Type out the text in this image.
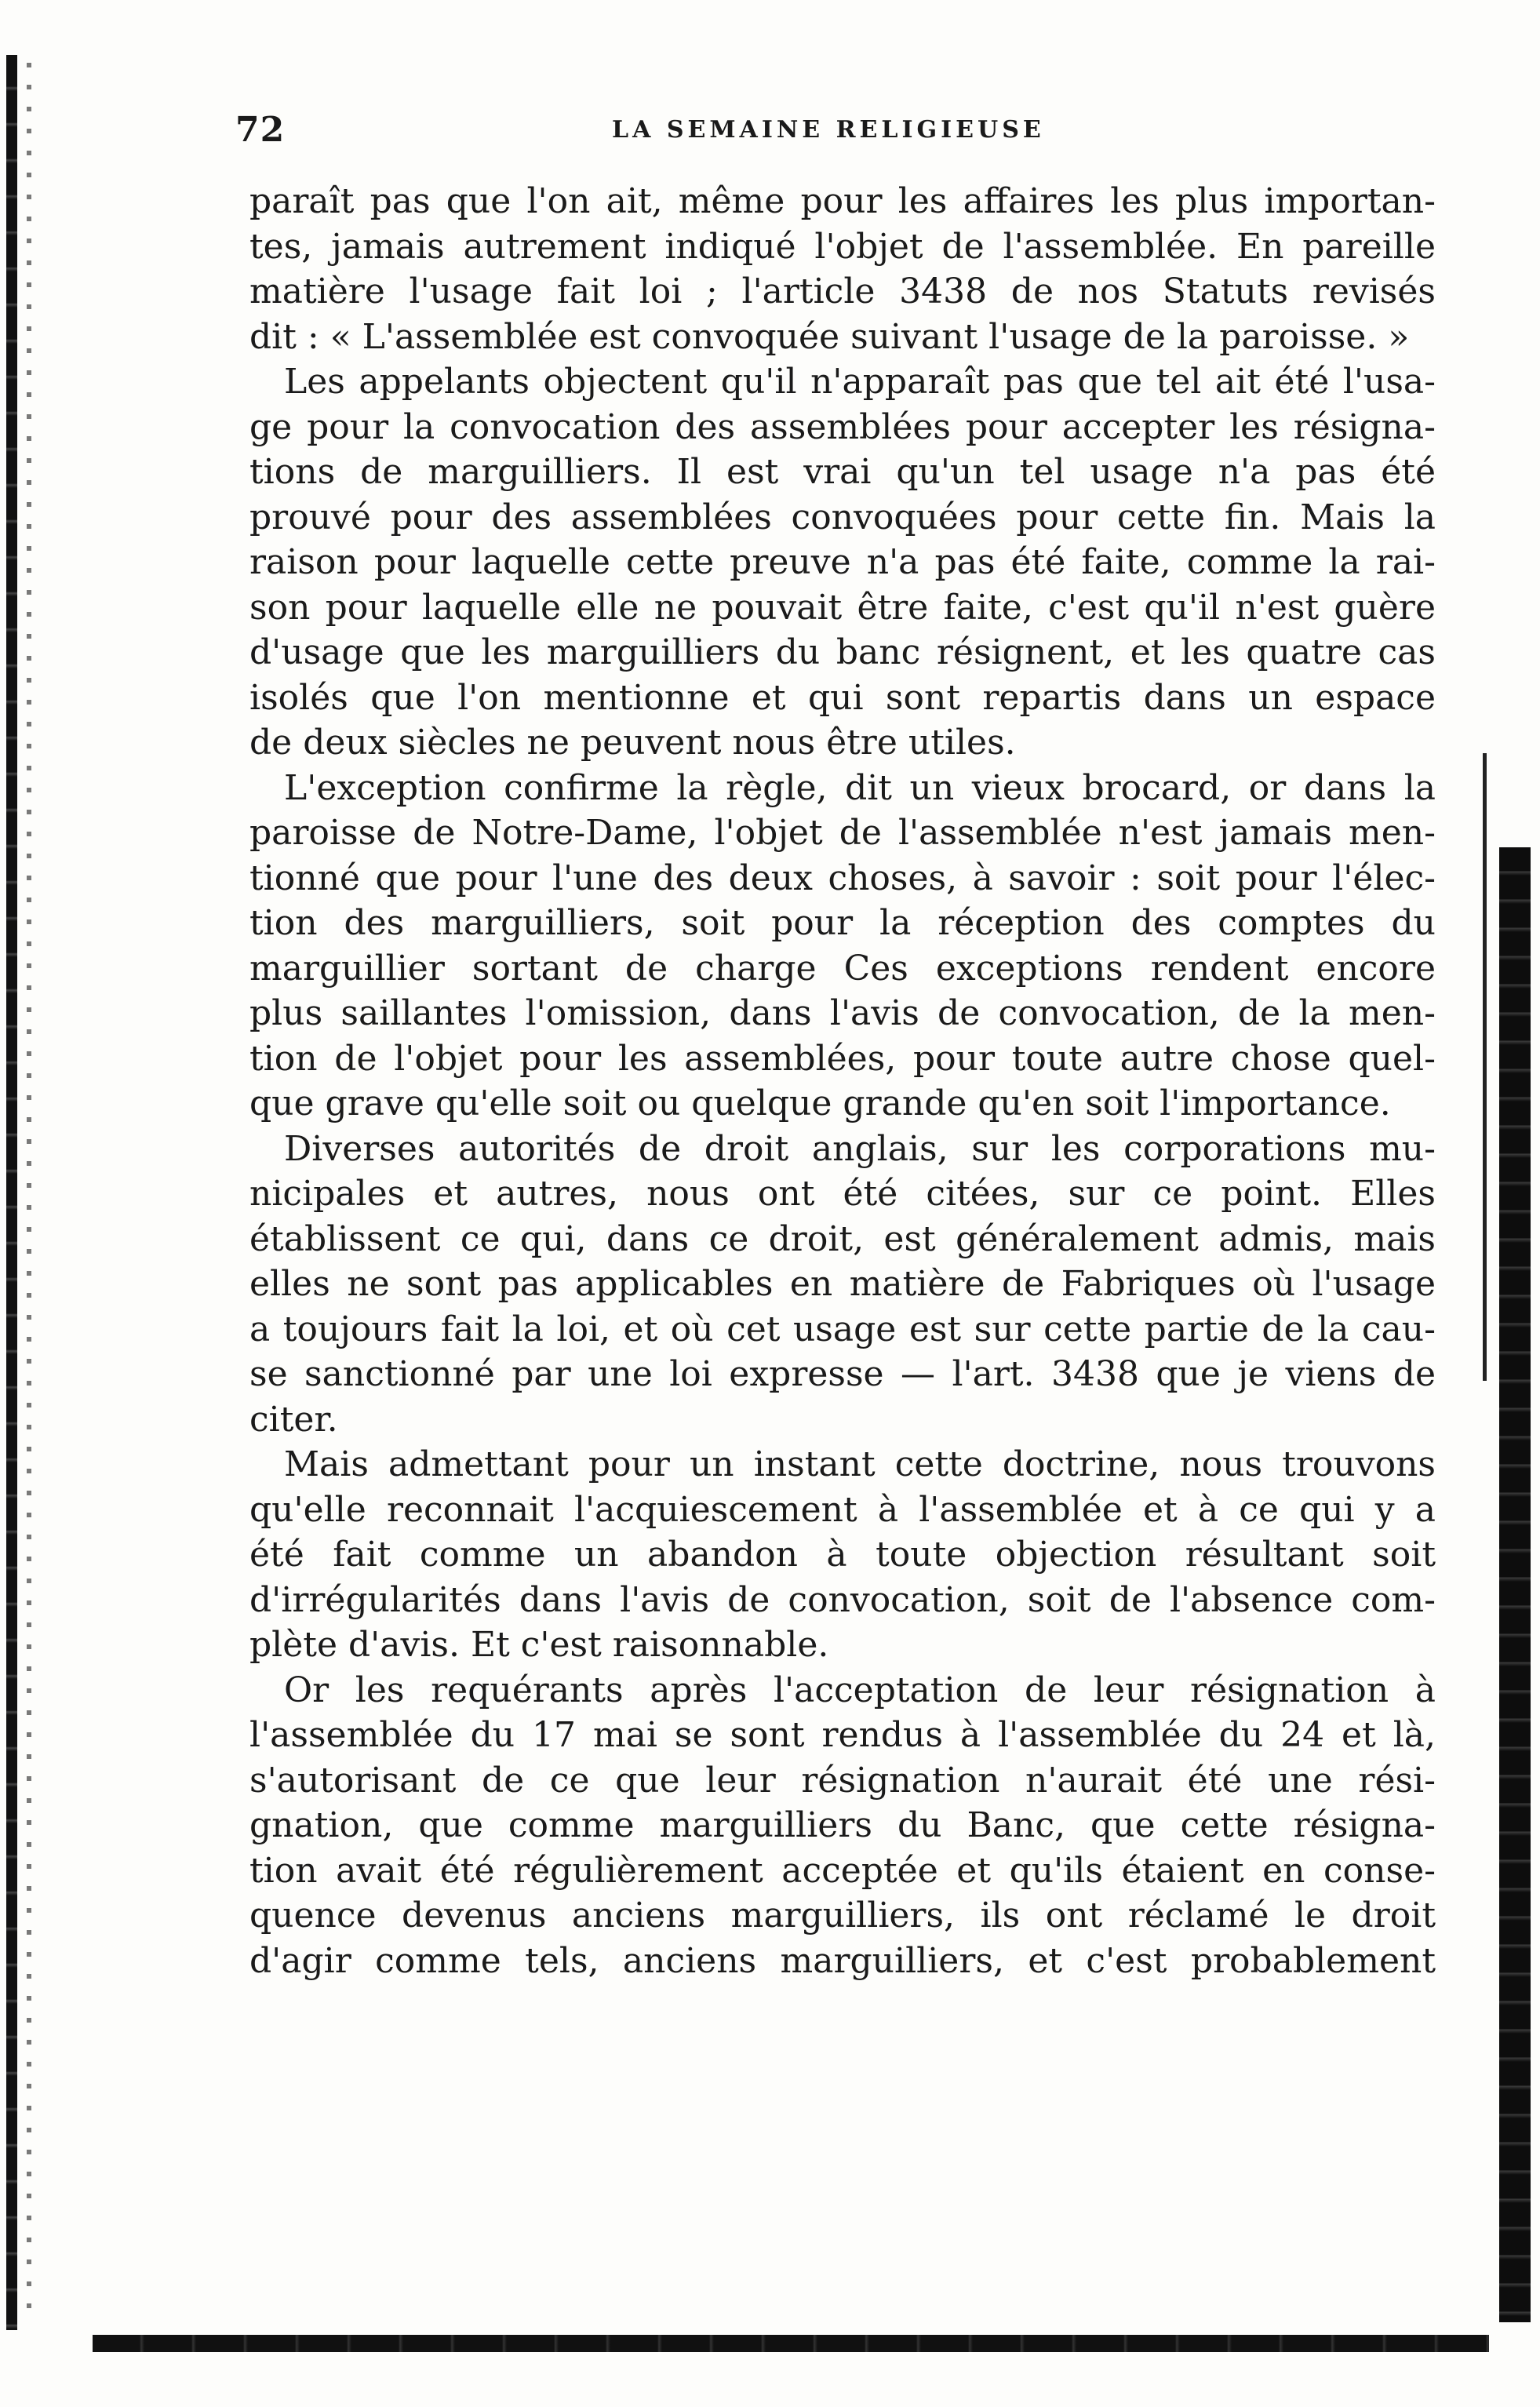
72	LA SEMAINE RELIGIEUSE
paraît pas que l'on ait, même pour les affaires les plus importan-
tes, jamais autrement indiqué l'objet de l'assemblée. En pareille
matière l'usage fait loi ; l'article 3438 de nos Statuts revisés
dit : « L'assemblée est convoquée suivant l'usage de la paroisse. »
Les appelants objectent qu'il n'apparaît pas que tel ait été l'usa-
ge pour la convocation des assemblées pour accepter les résigna-
tions de marguilliers. Il est vrai qu'un tel usage n'a pas été
prouvé pour des assemblées convoquées pour cette fin. Mais la
raison pour laquelle cette preuve n'a pas été faite, comme la rai-
son pour laquelle elle ne pouvait être faite, c'est qu'il n'est guère
d'usage que les marguilliers du banc résignent, et les quatre cas
isolés que l'on mentionne et qui sont repartis dans un espace
de deux siècles ne peuvent nous être utiles.
L'exception confirme la règle, dit un vieux brocard, or dans la
paroisse de Notre-Dame, l'objet de l'assemblée n'est jamais men-
tionné que pour l'une des deux choses, à savoir : soit pour l'élec-
tion des marguilliers, soit pour la réception des comptes du
marguillier sortant de charge Ces exceptions rendent encore
plus saillantes l'omission, dans l'avis de convocation, de la men-
tion de l'objet pour les assemblées, pour toute autre chose quel-
que grave qu'elle soit ou quelque grande qu'en soit l'importance.
Diverses autorités de droit anglais, sur les corporations mu-
nicipales et autres, nous ont été citées, sur ce point. Elles
établissent ce qui, dans ce droit, est généralement admis, mais
elles ne sont pas applicables en matière de Fabriques où l'usage
a toujours fait la loi, et où cet usage est sur cette partie de la cau-
se sanctionné par une loi expresse — l'art. 3438 que je viens de
citer.
Mais admettant pour un instant cette doctrine, nous trouvons
qu'elle reconnait l'acquiescement à l'assemblée et à ce qui y a
été fait comme un abandon à toute objection résultant soit
d'irrégularités dans l'avis de convocation, soit de l'absence com-
plète d'avis. Et c'est raisonnable.
Or les requérants après l'acceptation de leur résignation à
l'assemblée du 17 mai se sont rendus à l'assemblée du 24 et là,
s'autorisant de ce que leur résignation n'aurait été une rési-
gnation, que comme marguilliers du Banc, que cette résigna-
tion avait été régulièrement acceptée et qu'ils étaient en conse-
quence devenus anciens marguilliers, ils ont réclamé le droit
d'agir comme tels, anciens marguilliers, et c'est probablement
